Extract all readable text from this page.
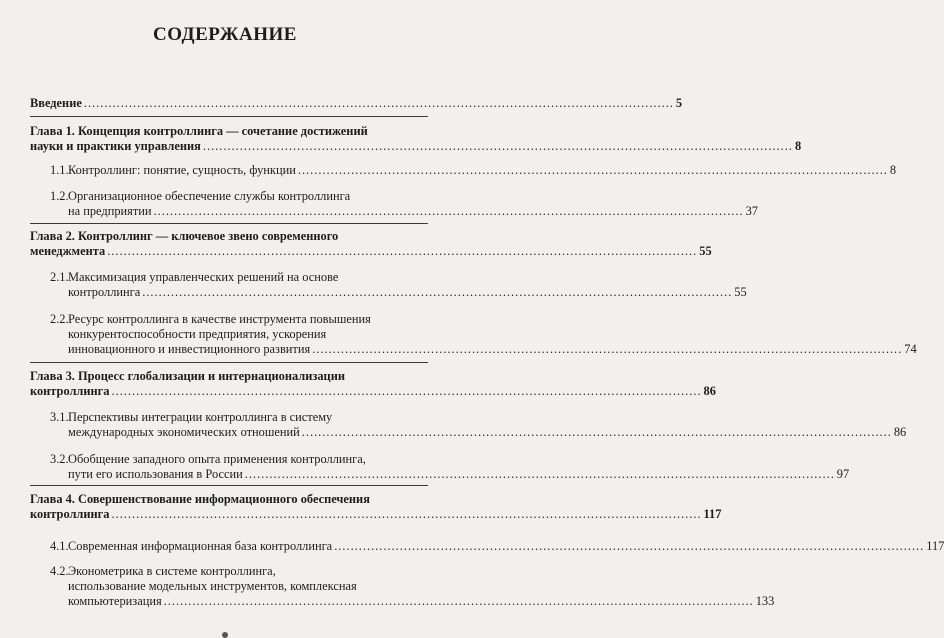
СОДЕРЖАНИЕ
Введение ................................................................................................................................................ 5
Глава 1. Концепция контроллинга — сочетание достижений
науки и практики управления ................................................................................................................................................ 8
1.1. Контроллинг: понятие, сущность, функции ................................................................................................................................................ 8
1.2. Организационное обеспечение службы контроллинга
на предприятии ................................................................................................................................................ 37
Глава 2. Контроллинг — ключевое звено современного
менеджмента ................................................................................................................................................ 55
2.1. Максимизация управленческих решений на основе
контроллинга ................................................................................................................................................ 55
2.2. Ресурс контроллинга в качестве инструмента повышения
конкурентоспособности предприятия, ускорения
инновационного и инвестиционного развития ................................................................................................................................................ 74
Глава 3. Процесс глобализации и интернационализации
контроллинга ................................................................................................................................................ 86
3.1. Перспективы интеграции контроллинга в систему
международных экономических отношений ................................................................................................................................................ 86
3.2. Обобщение западного опыта применения контроллинга,
пути его использования в России ................................................................................................................................................ 97
Глава 4. Совершенствование информационного обеспечения
контроллинга ................................................................................................................................................ 117
4.1. Современная информационная база контроллинга ................................................................................................................................................ 117
4.2. Эконометрика в системе контроллинга,
использование модельных инструментов, комплексная
компьютеризация ................................................................................................................................................ 133
